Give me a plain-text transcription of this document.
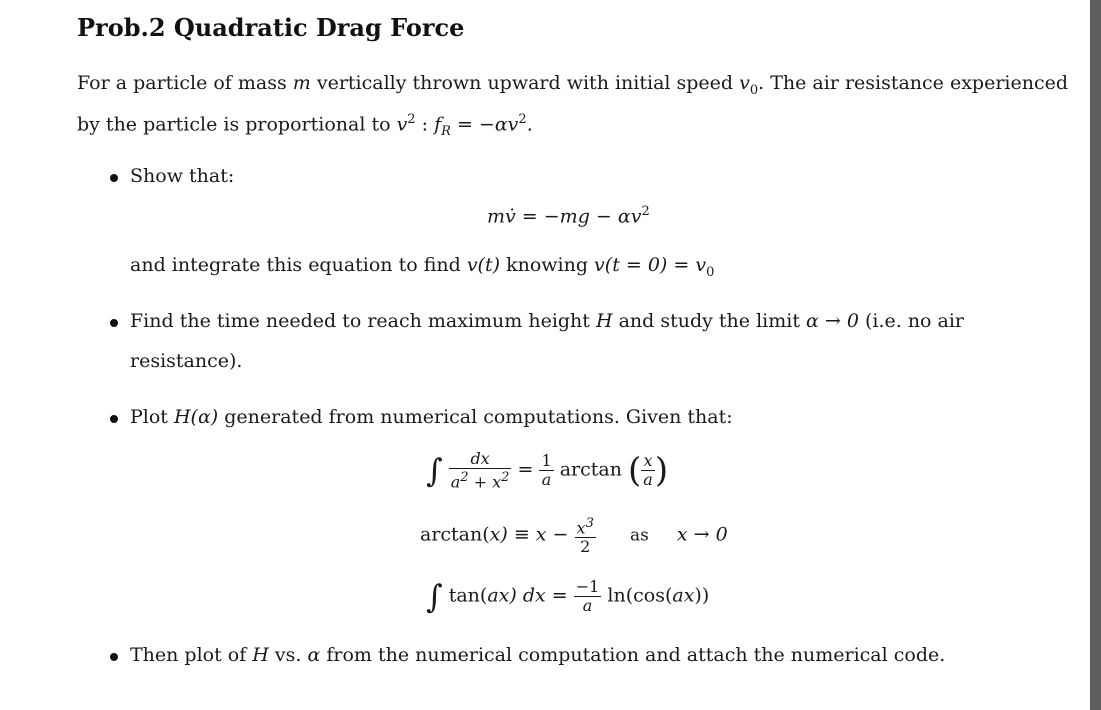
Prob.2 Quadratic Drag Force
For a particle of mass m vertically thrown upward with initial speed $v_0$. The air resistance experienced
by the particle is proportional to $v^2$ : $f_R = -\alpha v^2$.
Show that:
mv̇ = $-mg - \alpha v^2$
and integrate this equation to find v(t) knowing $v(t = 0) = v_0$
Find the time needed to reach maximum height H and study the limit α → 0 (i.e. no air
resistance).
Plot H(α) generated from numerical computations. Given that:
∫ $\frac{dx}{a^2 + x^2} = \frac{1}{a}$ arctan ( $\frac{x}{a}$ )
$\arctan(x) \equiv x - \frac{x^3}{2}$ as x → 0
∫ tan(ax) dx = $\frac{-1}{a} \ln(\cos(ax))$
Then plot of H vs. α from the numerical computation and attach the numerical code.
